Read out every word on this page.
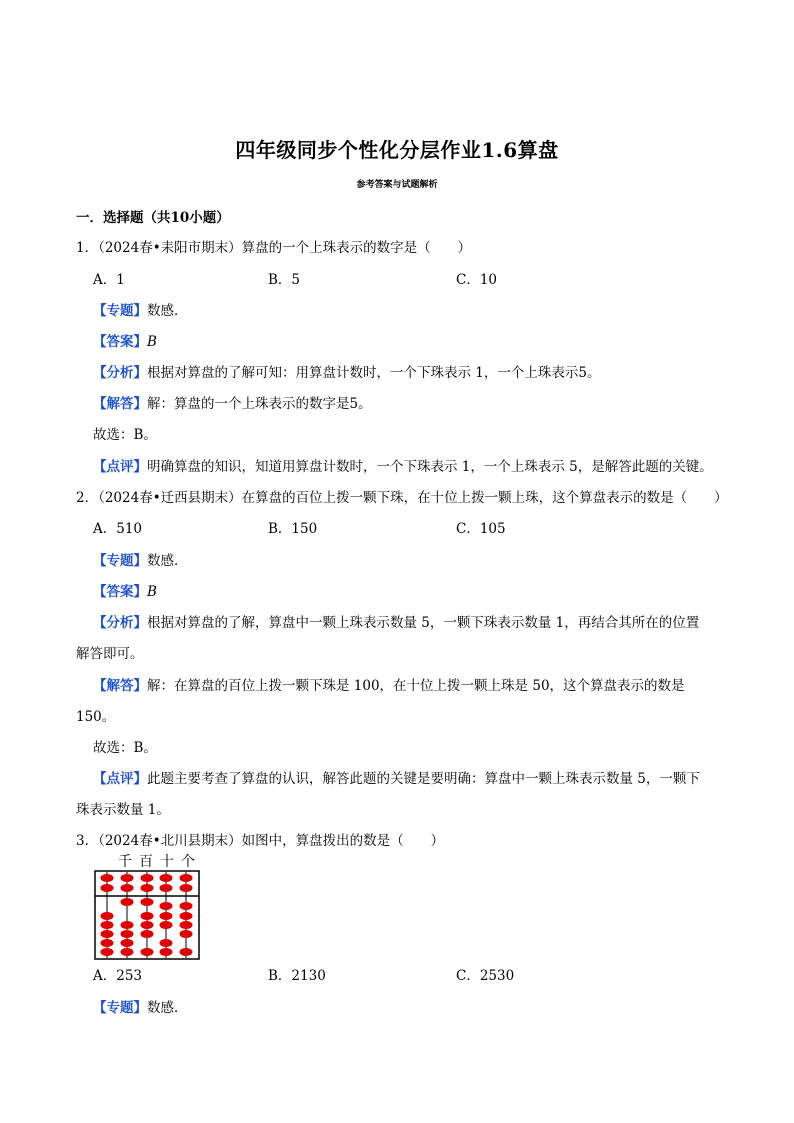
四年级同步个性化分层作业1.6算盘
参考答案与试题解析
一．选择题（共10小题）
1．（2024春•耒阳市期末）算盘的一个上珠表示的数字是（　　）
A．1	B．5	C．10
【专题】数感．
【答案】B
【分析】根据对算盘的了解可知：用算盘计数时，一个下珠表示 1，一个上珠表示5。
【解答】解：算盘的一个上珠表示的数字是5。
故选：B。
【点评】明确算盘的知识，知道用算盘计数时，一个下珠表示 1，一个上珠表示 5，是解答此题的关键。
2．（2024春•迁西县期末）在算盘的百位上拨一颗下珠，在十位上拨一颗上珠，这个算盘表示的数是（　　）
A．510	B．150	C．105
【专题】数感．
【答案】B
【分析】根据对算盘的了解，算盘中一颗上珠表示数量 5，一颗下珠表示数量 1，再结合其所在的位置
解答即可。
【解答】解：在算盘的百位上拨一颗下珠是 100，在十位上拨一颗上珠是 50，这个算盘表示的数是
150。
故选：B。
【点评】此题主要考查了算盘的认识，解答此题的关键是要明确：算盘中一颗上珠表示数量 5，一颗下
珠表示数量 1。
3．（2024春•北川县期末）如图中，算盘拨出的数是（　　）
千 百 十 个
A．253	B．2130	C．2530
【专题】数感．
